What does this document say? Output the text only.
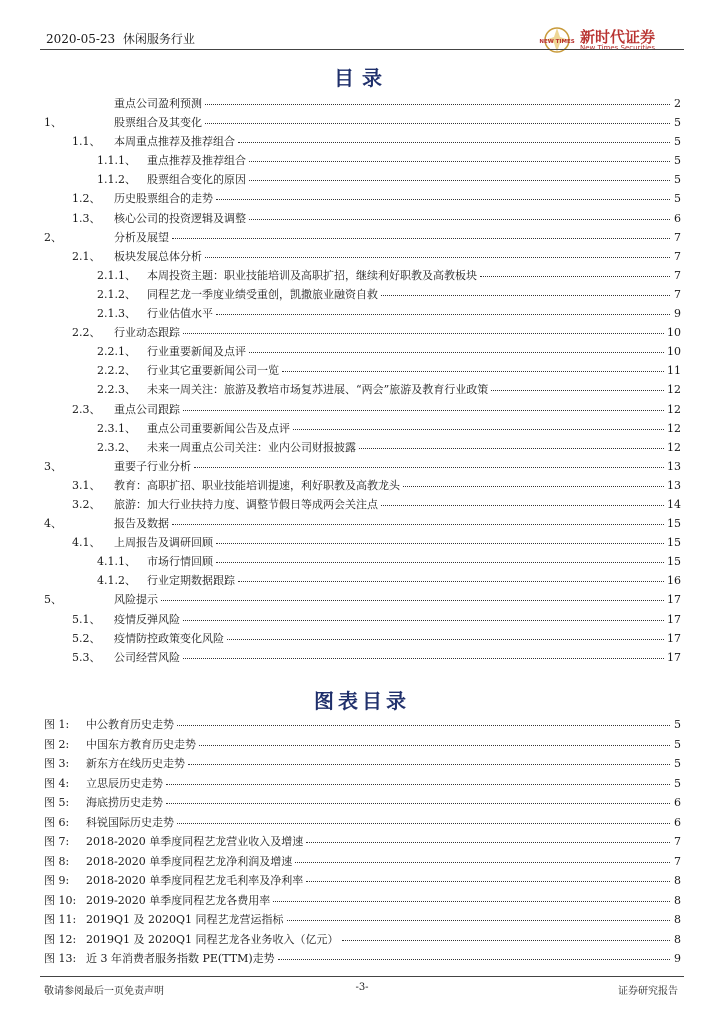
2020-05-23 休闲服务行业	NEW TIMES 新时代证券
New Times Securities
目录
重点公司盈利预测	2
1、	股票组合及其变化	5
1.1、	本周重点推荐及推荐组合	5
1.1.1、	重点推荐及推荐组合	5
1.1.2、	股票组合变化的原因	5
1.2、	历史股票组合的走势	5
1.3、	核心公司的投资逻辑及调整	6
2、	分析及展望	7
2.1、	板块发展总体分析	7
2.1.1、	本周投资主题：职业技能培训及高职扩招，继续利好职教及高教板块	7
2.1.2、	同程艺龙一季度业绩受重创，凯撒旅业融资自救	7
2.1.3、	行业估值水平	9
2.2、	行业动态跟踪	10
2.2.1、	行业重要新闻及点评	10
2.2.2、	行业其它重要新闻公司一览	11
2.2.3、	未来一周关注：旅游及教培市场复苏进展、“两会”旅游及教育行业政策	12
2.3、	重点公司跟踪	12
2.3.1、	重点公司重要新闻公告及点评	12
2.3.2、	未来一周重点公司关注：业内公司财报披露	12
3、	重要子行业分析	13
3.1、	教育：高职扩招、职业技能培训提速，利好职教及高教龙头	13
3.2、	旅游：加大行业扶持力度、调整节假日等成两会关注点	14
4、	报告及数据	15
4.1、	上周报告及调研回顾	15
4.1.1、	市场行情回顾	15
4.1.2、	行业定期数据跟踪	16
5、	风险提示	17
5.1、	疫情反弹风险	17
5.2、	疫情防控政策变化风险	17
5.3、	公司经营风险	17
图表目录
图 1:	中公教育历史走势	5
图 2:	中国东方教育历史走势	5
图 3:	新东方在线历史走势	5
图 4:	立思辰历史走势	5
图 5:	海底捞历史走势	6
图 6:	科锐国际历史走势	6
图 7:	2018-2020 单季度同程艺龙营业收入及增速	7
图 8:	2018-2020 单季度同程艺龙净利润及增速	7
图 9:	2018-2020 单季度同程艺龙毛利率及净利率	8
图 10: 2019-2020 单季度同程艺龙各费用率	8
图 11: 2019Q1 及 2020Q1 同程艺龙营运指标	8
图 12: 2019Q1 及 2020Q1 同程艺龙各业务收入（亿元）	8
图 13: 近 3 年消费者服务指数 PE(TTM)走势	9
敬请参阅最后一页免责声明	-3-	证券研究报告
